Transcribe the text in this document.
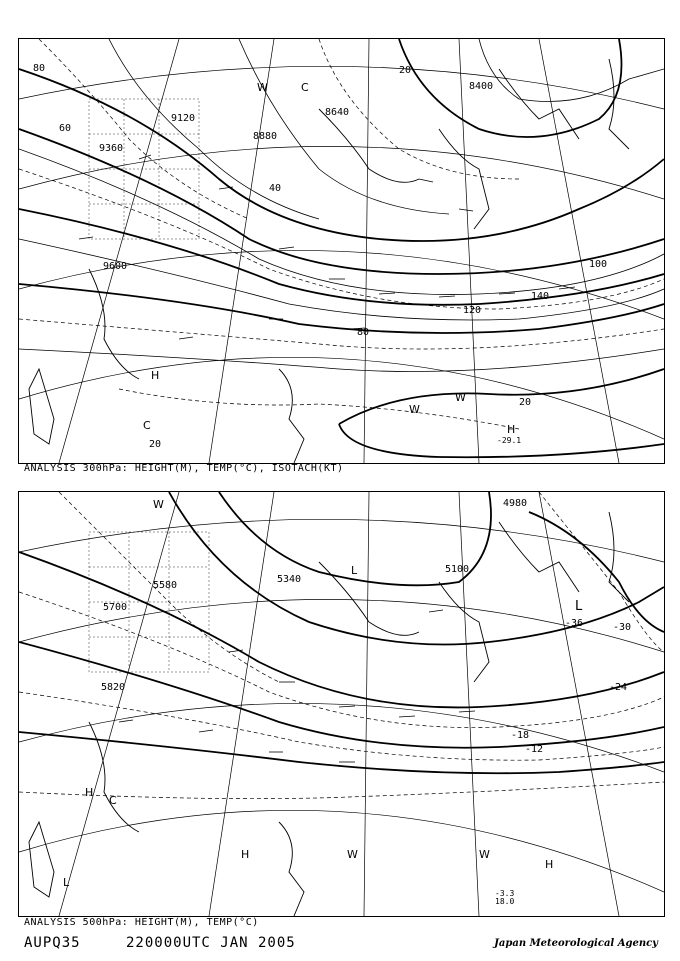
9120
8880
8640
8400
9360
9600
80
60
40
20
100
120
140
20
20
80
H
H
C
C
W
W
W
-29.1
ANALYSIS 300hPa: HEIGHT(M), TEMP(°C), ISOTACH(KT)
4980
5100
5340
5580
5700
5820
-36	-30
-24
-18
-12
L
L
L
H
H
H
C
W	W
W
-3.3
18.0
ANALYSIS 500hPa: HEIGHT(M), TEMP(°C)
AUPQ35	220000UTC JAN 2005	Japan Meteorological Agency
